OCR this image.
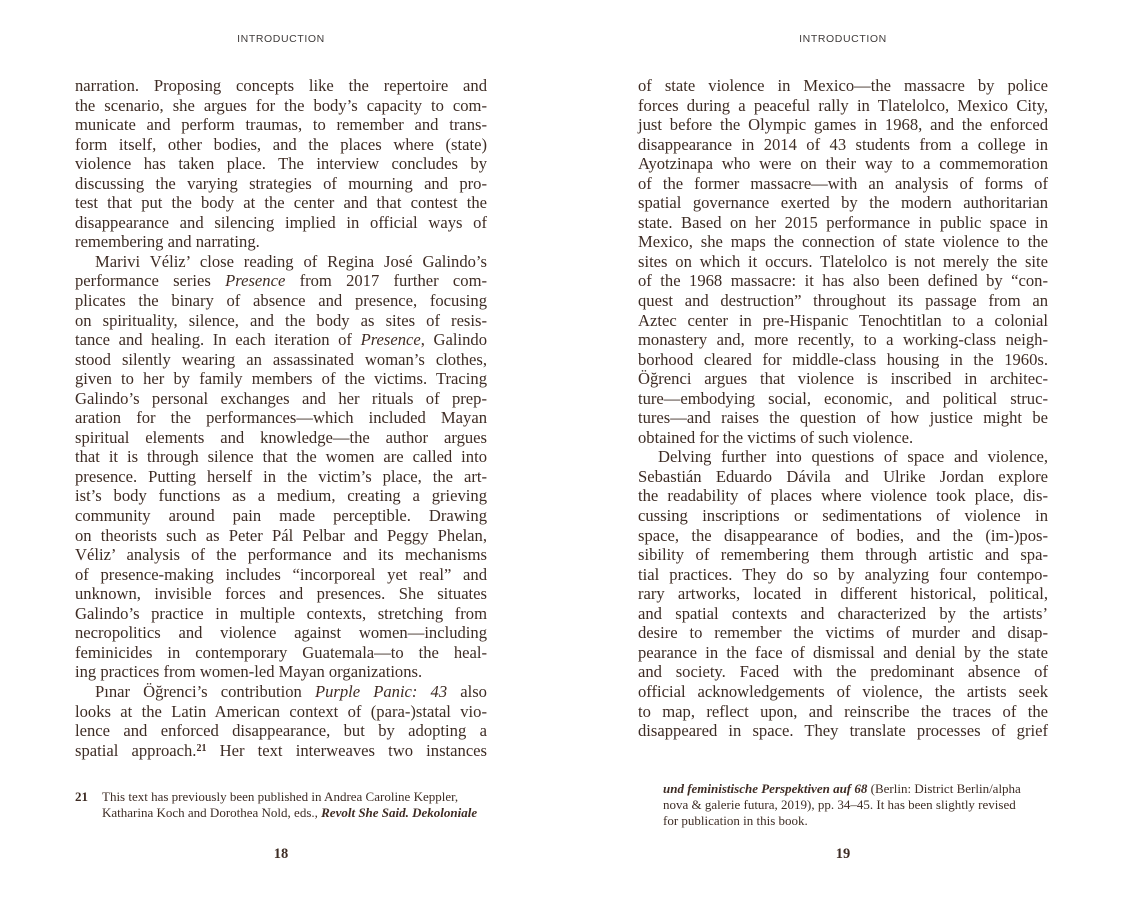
INTRODUCTION
narration. Proposing concepts like the repertoire and
the scenario, she argues for the body’s capacity to com-
municate and perform traumas, to remember and trans-
form itself, other bodies, and the places where (state)
violence has taken place. The interview concludes by
discussing the varying strategies of mourning and pro-
test that put the body at the center and that contest the
disappearance and silencing implied in official ways of
remembering and narrating.
Marivi Véliz’ close reading of Regina José Galindo’s
performance series Presence from 2017 further com-
plicates the binary of absence and presence, focusing
on spirituality, silence, and the body as sites of resis-
tance and healing. In each iteration of Presence, Galindo
stood silently wearing an assassinated woman’s clothes,
given to her by family members of the victims. Tracing
Galindo’s personal exchanges and her rituals of prep-
aration for the performances—which included Mayan
spiritual elements and knowledge—the author argues
that it is through silence that the women are called into
presence. Putting herself in the victim’s place, the art-
ist’s body functions as a medium, creating a grieving
community around pain made perceptible. Drawing
on theorists such as Peter Pál Pelbar and Peggy Phelan,
Véliz’ analysis of the performance and its mechanisms
of presence-making includes “incorporeal yet real” and
unknown, invisible forces and presences. She situates
Galindo’s practice in multiple contexts, stretching from
necropolitics and violence against women—including
feminicides in contemporary Guatemala—to the heal-
ing practices from women-led Mayan organizations.
Pınar Öğrenci’s contribution Purple Panic: 43 also
looks at the Latin American context of (para-)statal vio-
lence and enforced disappearance, but by adopting a
spatial approach.$^{21}$ Her text interweaves two instances
21	This text has previously been published in Andrea Caroline Keppler,
Katharina Koch and Dorothea Nold, eds., Revolt She Said. Dekoloniale
18
INTRODUCTION
of state violence in Mexico—the massacre by police
forces during a peaceful rally in Tlatelolco, Mexico City,
just before the Olympic games in 1968, and the enforced
disappearance in 2014 of 43 students from a college in
Ayotzinapa who were on their way to a commemoration
of the former massacre—with an analysis of forms of
spatial governance exerted by the modern authoritarian
state. Based on her 2015 performance in public space in
Mexico, she maps the connection of state violence to the
sites on which it occurs. Tlatelolco is not merely the site
of the 1968 massacre: it has also been defined by “con-
quest and destruction” throughout its passage from an
Aztec center in pre-Hispanic Tenochtitlan to a colonial
monastery and, more recently, to a working-class neigh-
borhood cleared for middle-class housing in the 1960s.
Öğrenci argues that violence is inscribed in architec-
ture—embodying social, economic, and political struc-
tures—and raises the question of how justice might be
obtained for the victims of such violence.
Delving further into questions of space and violence,
Sebastián Eduardo Dávila and Ulrike Jordan explore
the readability of places where violence took place, dis-
cussing inscriptions or sedimentations of violence in
space, the disappearance of bodies, and the (im-)pos-
sibility of remembering them through artistic and spa-
tial practices. They do so by analyzing four contempo-
rary artworks, located in different historical, political,
and spatial contexts and characterized by the artists’
desire to remember the victims of murder and disap-
pearance in the face of dismissal and denial by the state
and society. Faced with the predominant absence of
official acknowledgements of violence, the artists seek
to map, reflect upon, and reinscribe the traces of the
disappeared in space. They translate processes of grief
und feministische Perspektiven auf 68 (Berlin: District Berlin/alpha
nova & galerie futura, 2019), pp. 34–45. It has been slightly revised
for publication in this book.
19
